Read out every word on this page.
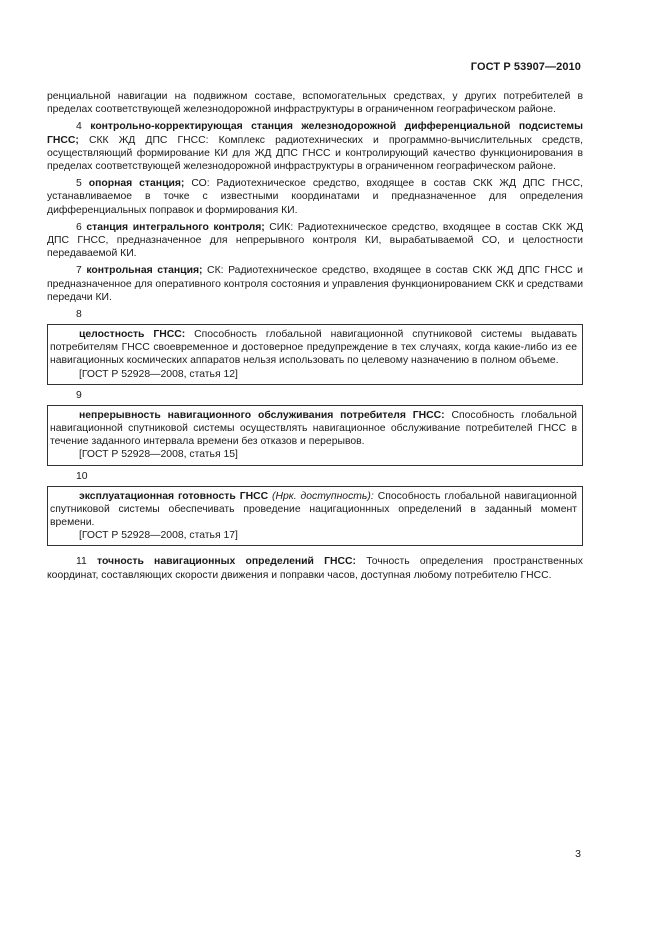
ГОСТ Р 53907—2010

ренциальной навигации на подвижном составе, вспомогательных средствах, у других потребителей в пределах соответствующей железнодорожной инфраструктуры в ограниченном географическом районе.

4 контрольно-корректирующая станция железнодорожной дифференциальной подсистемы ГНСС; СКК ЖД ДПС ГНСС: Комплекс радиотехнических и программно-вычислительных средств, осуществляющий формирование КИ для ЖД ДПС ГНСС и контролирующий качество функционирования в пределах соответствующей железнодорожной инфраструктуры в ограниченном географическом районе.

5 опорная станция; СО: Радиотехническое средство, входящее в состав СКК ЖД ДПС ГНСС, устанавливаемое в точке с известными координатами и предназначенное для определения дифференциальных поправок и формирования КИ.

6 станция интегрального контроля; СИК: Радиотехническое средство, входящее в состав СКК ЖД ДПС ГНСС, предназначенное для непрерывного контроля КИ, вырабатываемой СО, и целостности передаваемой КИ.

7 контрольная станция; СК: Радиотехническое средство, входящее в состав СКК ЖД ДПС ГНСС и предназначенное для оперативного контроля состояния и управления функционированием СКК и средствами передачи КИ.

8

целостность ГНСС: Способность глобальной навигационной спутниковой системы выдавать потребителям ГНСС своевременное и достоверное предупреждение в тех случаях, когда какие-либо из ее навигационных космических аппаратов нельзя использовать по целевому назначению в полном объеме.

[ГОСТ Р 52928—2008, статья 12]

9

непрерывность навигационного обслуживания потребителя ГНСС: Способность глобальной навигационной спутниковой системы осуществлять навигационное обслуживание потребителей ГНСС в течение заданного интервала времени без отказов и перерывов.

[ГОСТ Р 52928—2008, статья 15]

10

эксплуатационная готовность ГНСС (Нрк. доступность): Способность глобальной навигационной спутниковой системы обеспечивать проведение нацигационнных определений в заданный момент времени.

[ГОСТ Р 52928—2008, статья 17]

11 точность навигационных определений ГНСС: Точность определения пространственных координат, составляющих скорости движения и поправки часов, доступная любому потребителю ГНСС.

3
